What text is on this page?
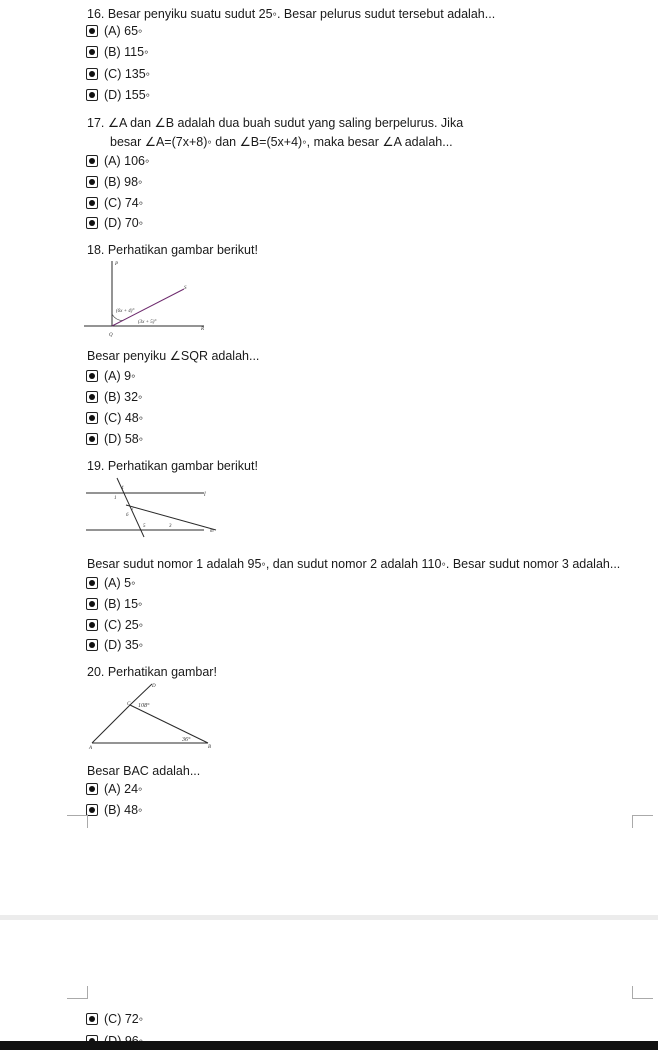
16. Besar penyiku suatu sudut 25◦. Besar pelurus sudut tersebut adalah...
(A) 65◦
(B) 115◦
(C) 135◦
(D) 155◦
17. ∠A dan ∠B adalah dua buah sudut yang saling berpelurus. Jika
besar ∠A=(7x+8)◦ dan ∠B=(5x+4)◦, maka besar ∠A adalah...
(A) 106◦
(B) 98◦
(C) 74◦
(D) 70◦
18. Perhatikan gambar berikut!
P
S
Q
R
(6x + 4)°
(3x + 5)°
Besar penyiku ∠SQR adalah...
(A) 9◦
(B) 32◦
(C) 48◦
(D) 58◦
19. Perhatikan gambar berikut!
4
1
l
2
6
5	3
m
Besar sudut nomor 1 adalah 95◦, dan sudut nomor 2 adalah 110◦. Besar sudut nomor 3 adalah...
(A) 5◦
(B) 15◦
(C) 25◦
(D) 35◦
20. Perhatikan gambar!
D
C 108°
36°
A	B
Besar BAC adalah...
(A) 24◦
(B) 48◦
(C) 72◦
